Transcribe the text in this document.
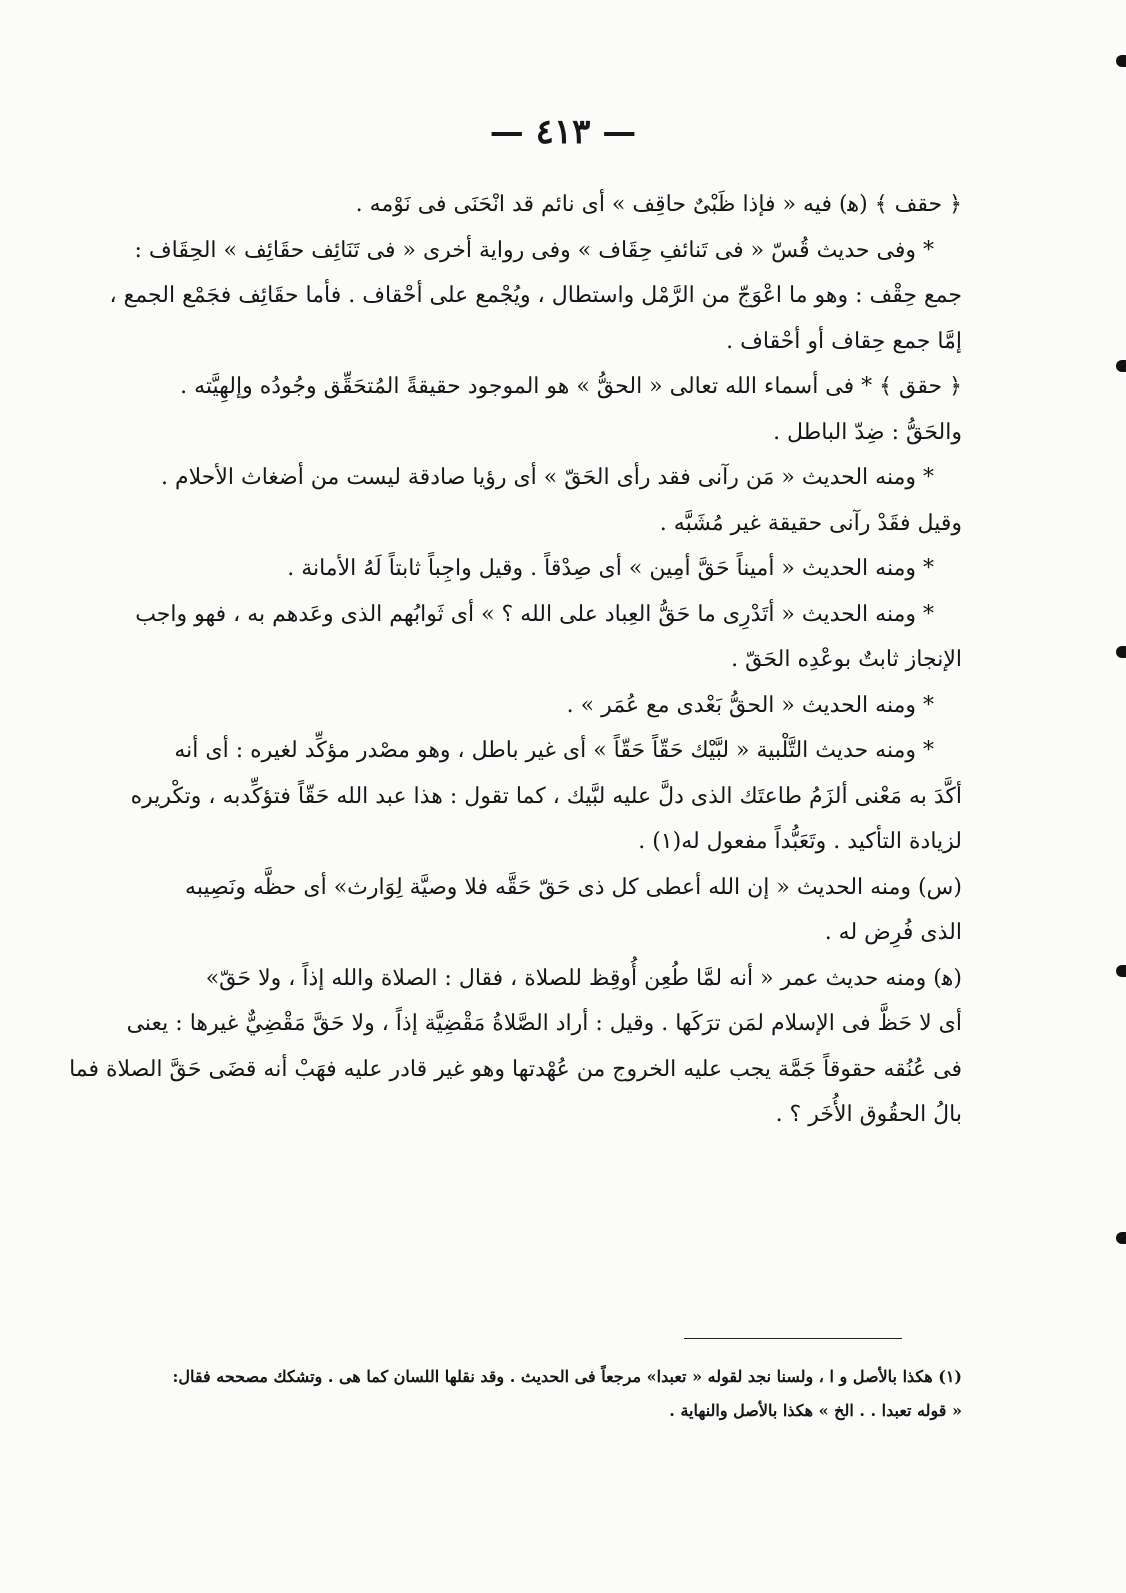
— ٤١٣ —
﴿ حقف ﴾ (ﻫ) فيه « فإذا ظَبْىٌ حاقِف » أى نائم قد انْحَنَى فى نَوْمه .
* وفى حديث قُسّ « فى تَنائفِ حِقَاف » وفى رواية أخرى « فى تَنَائِف حقَائِف » الحِقَاف :
جمع حِقْف : وهو ما اعْوَجّ من الرَّمْل واستطال ، ويُجْمع على أحْقاف . فأما حقَائِف فجَمْع الجمع ،
إمَّا جمع حِقاف أو أحْقاف .
﴿ حقق ﴾ * فى أسماء الله تعالى « الحقُّ » هو الموجود حقيقةً المُتحَقِّق وجُودُه وإلهِيَّته .
والحَقُّ : ضِدّ الباطل .
* ومنه الحديث « مَن رآنى فقد رأى الحَقّ » أى رؤيا صادقة ليست من أضغاث الأحلام .
وقيل فقَدْ رآنى حقيقة غير مُشَبَّه .
* ومنه الحديث « أميناً حَقَّ أمِين » أى صِدْقاً . وقيل واجِباً ثابتاً لَهُ الأمانة .
* ومنه الحديث « أتَدْرِى ما حَقُّ العِباد على الله ؟ » أى ثَوابُهم الذى وعَدهم به ، فهو واجب
الإنجاز ثابتٌ بوعْدِه الحَقّ .
* ومنه الحديث « الحقُّ بَعْدى مع عُمَر » .
* ومنه حديث التَّلْبية « لبَّيْك حَقّاً حَقّاً » أى غير باطل ، وهو مصْدر مؤكِّد لغيره : أى أنه
أكَّدَ به مَعْنى ألزَمُ طاعتَك الذى دلَّ عليه لبَّيك ، كما تقول : هذا عبد الله حَقّاً فتؤكِّدبه ، وتكْريره
لزيادة التأكيد . وتَعَبُّداً مفعول له(١) .
(س) ومنه الحديث « إن الله أعطى كل ذى حَقّ حَقَّه فلا وصيَّة لِوَارث» أى حظَّه ونَصِيبه
الذى فُرِض له .
(ﻫ) ومنه حديث عمر « أنه لمَّا طُعِن أُوقِظ للصلاة ، فقال : الصلاة والله إذاً ، ولا حَقّ»
أى لا حَظَّ فى الإسلام لمَن ترَكَها . وقيل : أراد الصَّلاةُ مَقْضِيَّة إذاً ، ولا حَقَّ مَقْضِيٌّ غيرها : يعنى
فى عُنُقه حقوقاً جَمَّة يجب عليه الخروج من عُهْدتها وهو غير قادر عليه فهَبْ أنه قضَى حَقَّ الصلاة فما
بالُ الحقُوق الأُخَر ؟ .
(١) هكذا بالأصل و ا ، ولسنا نجد لقوله « تعبدا» مرجعاً فى الحديث . وقد نقلها اللسان كما هى . وتشكك مصححه فقال:
« قوله تعبدا . . الخ » هكذا بالأصل والنهاية .
